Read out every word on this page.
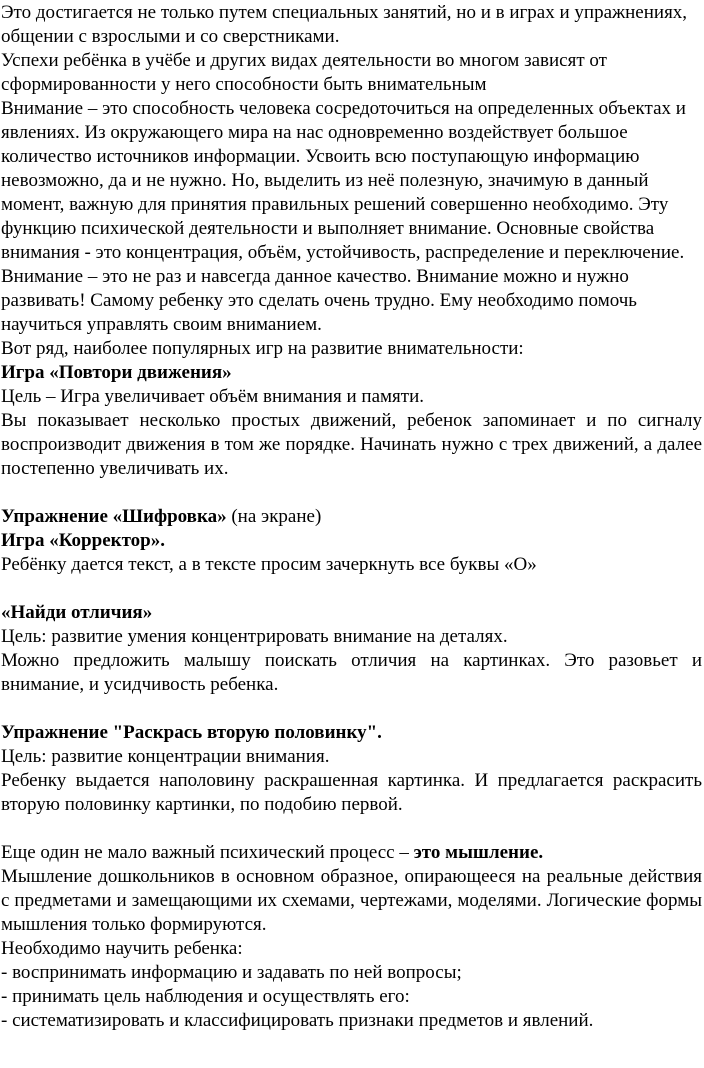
Это достигается не только путем специальных занятий, но и в играх и упражнениях, общении с взрослыми и со сверстниками.

Успехи ребёнка в учёбе и других видах деятельности во многом зависят от сформированности у него способности быть внимательным

Внимание – это способность человека сосредоточиться на определенных объектах и явлениях. Из окружающего мира на нас одновременно воздействует большое количество источников информации. Усвоить всю поступающую информацию невозможно, да и не нужно. Но, выделить из неё полезную, значимую в данный момент, важную для принятия правильных решений совершенно необходимо. Эту функцию психической деятельности и выполняет внимание. Основные свойства внимания - это концентрация, объём, устойчивость, распределение и переключение.

Внимание – это не раз и навсегда данное качество. Внимание можно и нужно развивать! Самому ребенку это сделать очень трудно. Ему необходимо помочь научиться управлять своим вниманием.

Вот ряд, наиболее популярных игр на развитие внимательности:

Игра «Повтори движения»

Цель – Игра увеличивает объём внимания и памяти.

Вы показывает несколько простых движений, ребенок запоминает и по сигналу воспроизводит движения в том же порядке. Начинать нужно с трех движений, а далее постепенно увеличивать их.

Упражнение «Шифровка» (на экране)

Игра «Корректор».

Ребёнку дается текст, а в тексте просим зачеркнуть все буквы «О»

«Найди отличия»

Цель: развитие умения концентрировать внимание на деталях.

Можно предложить малышу поискать отличия на картинках. Это разовьет и внимание, и усидчивость ребенка.

Упражнение "Раскрась вторую половинку".

Цель: развитие концентрации внимания.

Ребенку выдается наполовину раскрашенная картинка. И предлагается раскрасить вторую половинку картинки, по подобию первой.

Еще один не мало важный психический процесс – это мышление.

Мышление дошкольников в основном образное, опирающееся на реальные действия с предметами и замещающими их схемами, чертежами, моделями. Логические формы мышления только формируются.

Необходимо научить ребенка:

- воспринимать информацию и задавать по ней вопросы;

- принимать цель наблюдения и осуществлять его:

- систематизировать и классифицировать признаки предметов и явлений.
